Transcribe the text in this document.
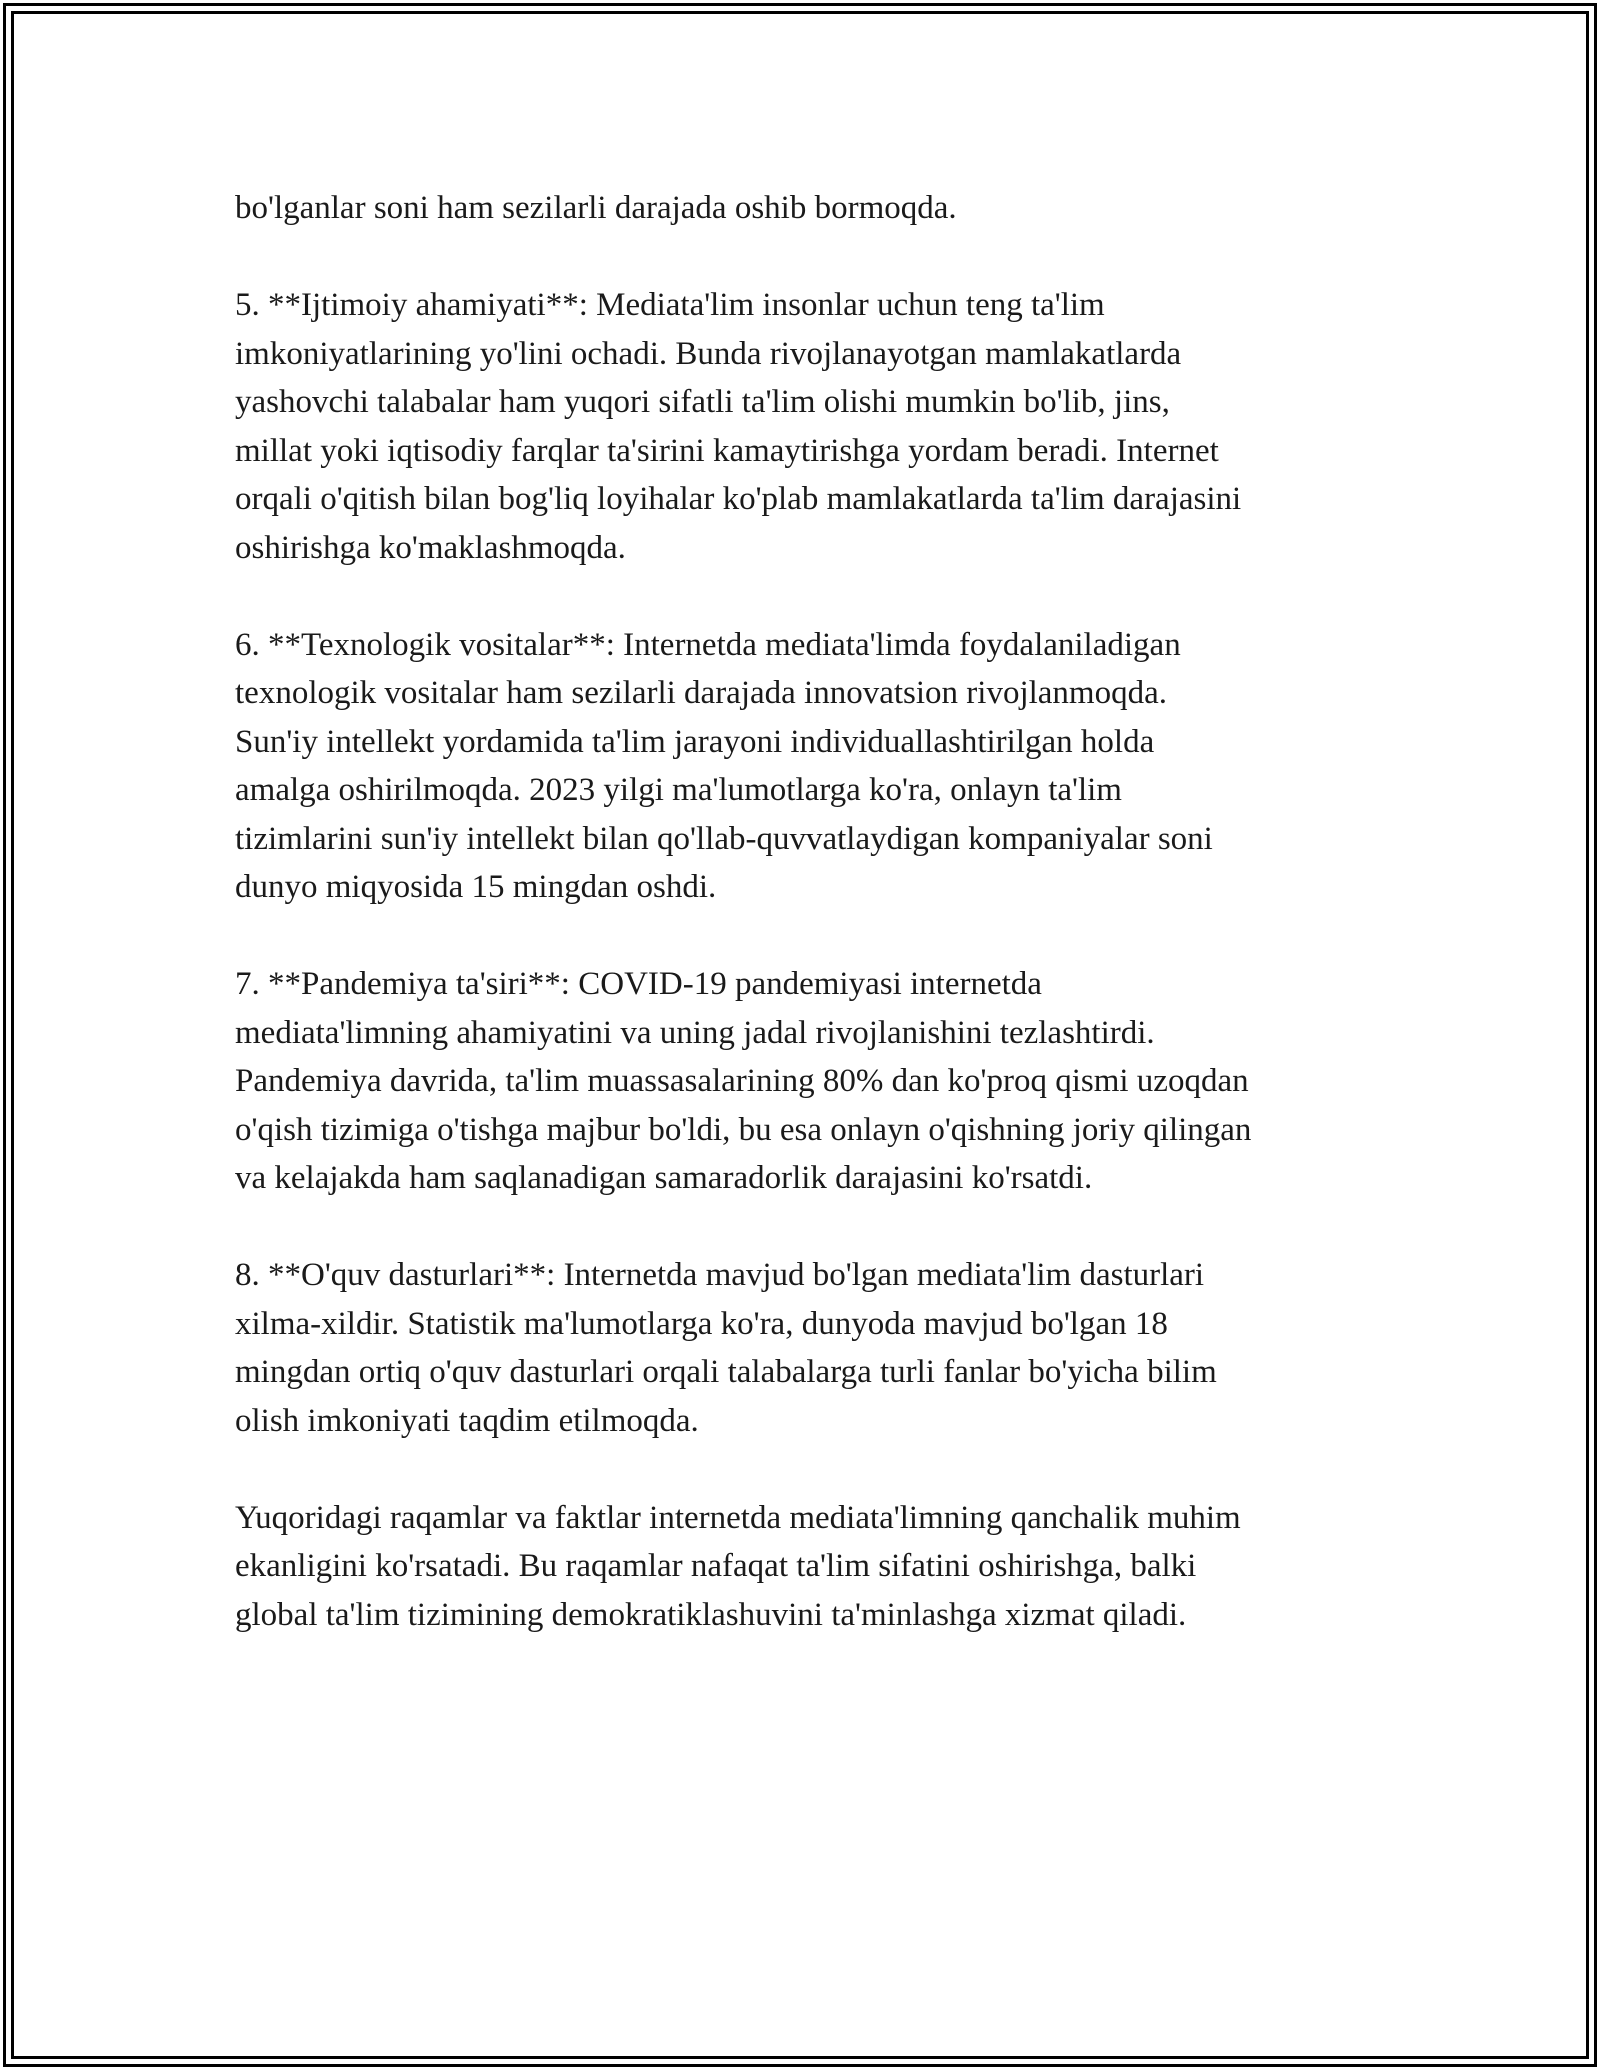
bo'lganlar soni ham sezilarli darajada oshib bormoqda.
5. **Ijtimoiy ahamiyati**: Mediata'lim insonlar uchun teng ta'lim
imkoniyatlarining yo'lini ochadi. Bunda rivojlanayotgan mamlakatlarda
yashovchi talabalar ham yuqori sifatli ta'lim olishi mumkin bo'lib, jins,
millat yoki iqtisodiy farqlar ta'sirini kamaytirishga yordam beradi. Internet
orqali o'qitish bilan bog'liq loyihalar ko'plab mamlakatlarda ta'lim darajasini
oshirishga ko'maklashmoqda.
6. **Texnologik vositalar**: Internetda mediata'limda foydalaniladigan
texnologik vositalar ham sezilarli darajada innovatsion rivojlanmoqda.
Sun'iy intellekt yordamida ta'lim jarayoni individuallashtirilgan holda
amalga oshirilmoqda. 2023 yilgi ma'lumotlarga ko'ra, onlayn ta'lim
tizimlarini sun'iy intellekt bilan qo'llab-quvvatlaydigan kompaniyalar soni
dunyo miqyosida 15 mingdan oshdi.
7. **Pandemiya ta'siri**: COVID-19 pandemiyasi internetda
mediata'limning ahamiyatini va uning jadal rivojlanishini tezlashtirdi.
Pandemiya davrida, ta'lim muassasalarining 80% dan ko'proq qismi uzoqdan
o'qish tizimiga o'tishga majbur bo'ldi, bu esa onlayn o'qishning joriy qilingan
va kelajakda ham saqlanadigan samaradorlik darajasini ko'rsatdi.
8. **O'quv dasturlari**: Internetda mavjud bo'lgan mediata'lim dasturlari
xilma-xildir. Statistik ma'lumotlarga ko'ra, dunyoda mavjud bo'lgan 18
mingdan ortiq o'quv dasturlari orqali talabalarga turli fanlar bo'yicha bilim
olish imkoniyati taqdim etilmoqda.
Yuqoridagi raqamlar va faktlar internetda mediata'limning qanchalik muhim
ekanligini ko'rsatadi. Bu raqamlar nafaqat ta'lim sifatini oshirishga, balki
global ta'lim tizimining demokratiklashuvini ta'minlashga xizmat qiladi.
